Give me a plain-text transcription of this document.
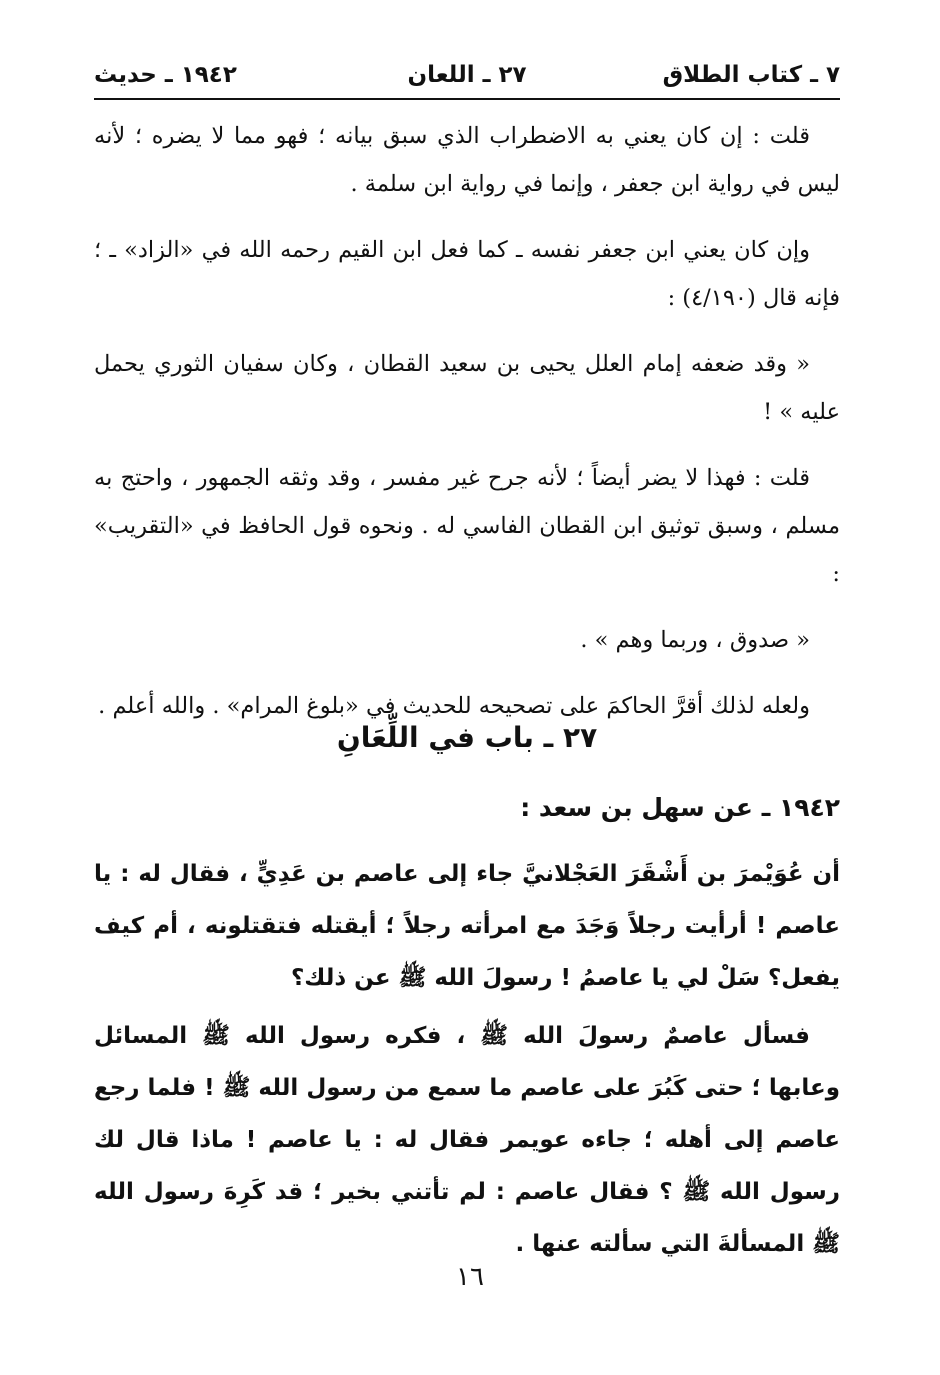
٧ ـ كتاب الطلاق
٢٧ ـ اللعان
١٩٤٢ ـ حديث

قلت : إن كان يعني به الاضطراب الذي سبق بيانه ؛ فهو مما لا يضره ؛ لأنه ليس في رواية ابن جعفر ، وإنما في رواية ابن سلمة .

وإن كان يعني ابن جعفر نفسه ـ كما فعل ابن القيم رحمه الله في «الزاد» ـ ؛ فإنه قال (٤/١٩٠) :

« وقد ضعفه إمام العلل يحيى بن سعيد القطان ، وكان سفيان الثوري يحمل عليه » !

قلت : فهذا لا يضر أيضاً ؛ لأنه جرح غير مفسر ، وقد وثقه الجمهور ، واحتج به مسلم ، وسبق توثيق ابن القطان الفاسي له . ونحوه قول الحافظ في «التقريب» :

« صدوق ، وربما وهم » .

ولعله لذلك أقرَّ الحاكمَ على تصحيحه للحديث في «بلوغ المرام» . والله أعلم .

٢٧ ـ باب في اللِّعَانِ
١٩٤٢ ـ عن سهل بن سعد :

أن عُوَيْمرَ بن أَشْقَرَ العَجْلانيَّ جاء إلى عاصم بن عَدِيٍّ ، فقال له : يا عاصم ! أرأيت رجلاً وَجَدَ مع امرأته رجلاً ؛ أيقتله فتقتلونه ، أم كيف يفعل؟ سَلْ لي يا عاصمُ ! رسولَ الله ﷺ عن ذلك؟

فسأل عاصمٌ رسولَ الله ﷺ ، فكره رسول الله ﷺ المسائل وعابها ؛ حتى كَبُرَ على عاصم ما سمع من رسول الله ﷺ ! فلما رجع عاصم إلى أهله ؛ جاءه عويمر فقال له : يا عاصم ! ماذا قال لك رسول الله ﷺ ؟ فقال عاصم : لم تأتني بخير ؛ قد كَرِهَ رسول الله ﷺ المسألةَ التي سألته عنها .

١٦
